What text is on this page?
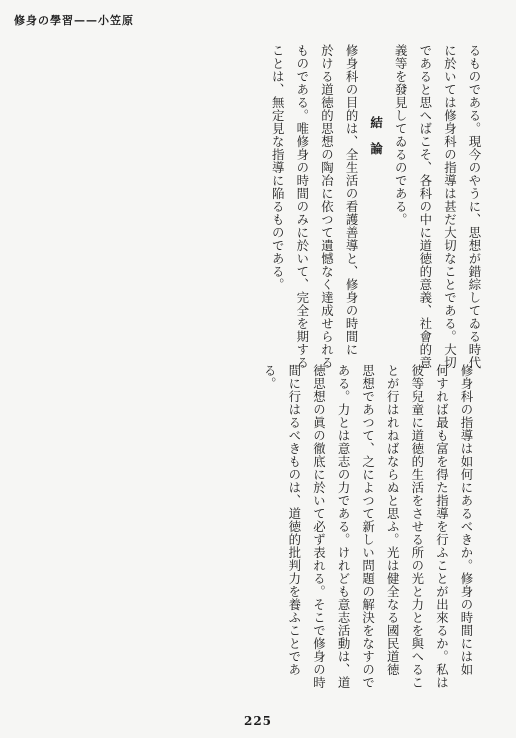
修身の學習——小笠原
るものである。現今のやうに、思想が錯綜してゐる時代
に於いては修身科の指導は甚だ大切なことである。大切
であると思へばこそ、各科の中に道徳的意義、社會的意
義等を發見してゐるのである。
結　論
修身科の目的は、全生活の看護善導と、修身の時間に
於ける道徳的思想の陶冶に依つて遺憾なく達成せられる
ものである。唯修身の時間のみに於いて、完全を期する
ことは、無定見な指導に陥るものである。
修身科の指導は如何にあるべきか。修身の時間には如
何すれば最も富を得た指導を行ふことが出來るか。私は
彼等兒童に道徳的生活をさせる所の光と力とを與へるこ
とが行はれねばならぬと思ふ。光は健全なる國民道徳
思想であつて、之によつて新しい問題の解決をなすので
ある。力とは意志の力である。けれども意志活動は、道
徳思想の眞の徹底に於いて必ず表れる。そこで修身の時
間に行はるべきものは、道徳的批判力を養ふことであ
る。
225
